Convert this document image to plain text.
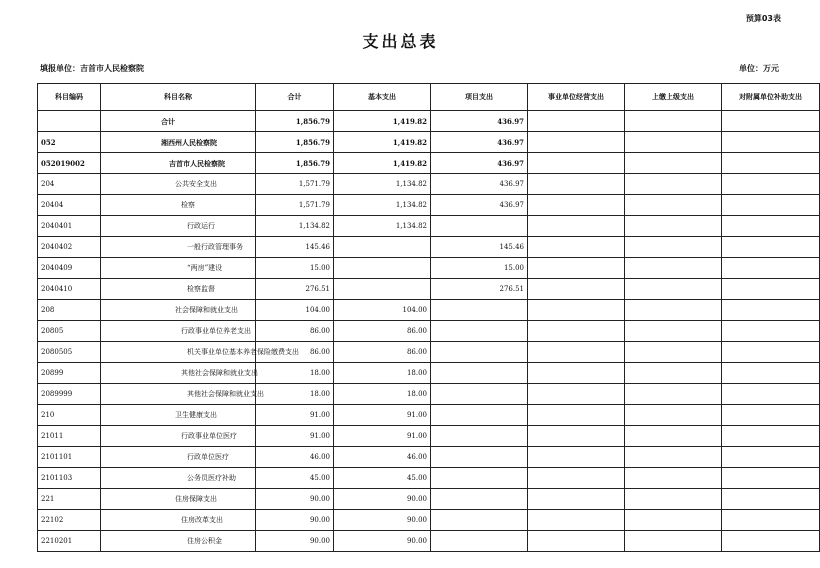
预算03表
支出总表
填报单位：吉首市人民检察院	单位：万元
科目编码	科目名称	合计	基本支出	项目支出	事业单位经营支出	上缴上级支出	对附属单位补助支出
	合计	1,856.79	1,419.82	436.97			
052	湘西州人民检察院	1,856.79	1,419.82	436.97			
052019002	吉首市人民检察院	1,856.79	1,419.82	436.97			
204	公共安全支出	1,571.79	1,134.82	436.97			
20404	检察	1,571.79	1,134.82	436.97			
2040401	行政运行	1,134.82	1,134.82				
2040402	一般行政管理事务	145.46		145.46			
2040409	“两房”建设	15.00		15.00			
2040410	检察监督	276.51		276.51			
208	社会保障和就业支出	104.00	104.00				
20805	行政事业单位养老支出	86.00	86.00				
2080505	机关事业单位基本养老保险缴费支出	86.00	86.00				
20899	其他社会保障和就业支出	18.00	18.00				
2089999	其他社会保障和就业支出	18.00	18.00				
210	卫生健康支出	91.00	91.00				
21011	行政事业单位医疗	91.00	91.00				
2101101	行政单位医疗	46.00	46.00				
2101103	公务员医疗补助	45.00	45.00				
221	住房保障支出	90.00	90.00				
22102	住房改革支出	90.00	90.00				
2210201	住房公积金	90.00	90.00				
